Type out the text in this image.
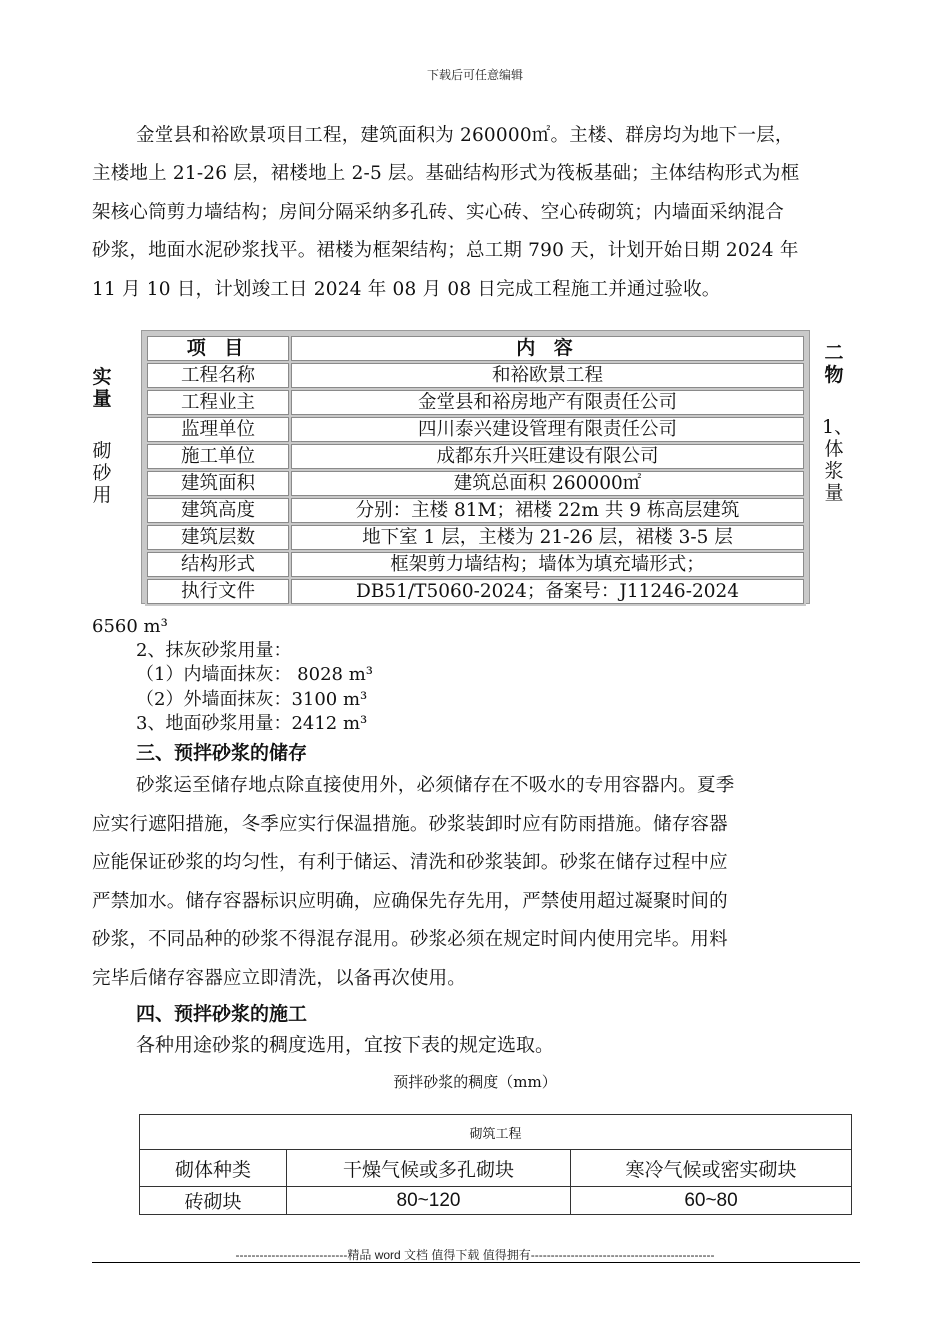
下载后可任意编辑
金堂县和裕欧景项目工程，建筑面积为 260000㎡。主楼、群房均为地下一层，
主楼地上 21-26 层，裙楼地上 2-5 层。基础结构形式为筏板基础；主体结构形式为框
架核心筒剪力墙结构；房间分隔采纳多孔砖、实心砖、空心砖砌筑；内墙面采纳混合
砂浆，地面水泥砂浆找平。裙楼为框架结构；总工期 790 天，计划开始日期 2024 年
11 月 10 日，计划竣工日 2024 年 08 月 08 日完成工程施工并通过验收。
实
量
砌
砂
用
二
物
1、
体
浆
量
项 目	内 容
工程名称	和裕欧景工程
工程业主	金堂县和裕房地产有限责任公司
监理单位	四川泰兴建设管理有限责任公司
施工单位	成都东升兴旺建设有限公司
建筑面积	建筑总面积 260000㎡
建筑高度	分别：主楼 81M；裙楼 22m 共 9 栋高层建筑
建筑层数	地下室 1 层，主楼为 21-26 层，裙楼 3-5 层
结构形式	框架剪力墙结构；墙体为填充墙形式；
执行文件	DB51/T5060-2024；备案号：J11246-2024
6560 m³
2、抹灰砂浆用量：
（1）内墙面抹灰： 8028 m³
（2）外墙面抹灰：3100 m³
3、地面砂浆用量：2412 m³
三、预拌砂浆的储存
砂浆运至储存地点除直接使用外，必须储存在不吸水的专用容器内。夏季
应实行遮阳措施，冬季应实行保温措施。砂浆装卸时应有防雨措施。储存容器
应能保证砂浆的均匀性，有利于储运、清洗和砂浆装卸。砂浆在储存过程中应
严禁加水。储存容器标识应明确，应确保先存先用，严禁使用超过凝聚时间的
砂浆，不同品种的砂浆不得混存混用。砂浆必须在规定时间内使用完毕。用料
完毕后储存容器应立即清洗，以备再次使用。
四、预拌砂浆的施工
各种用途砂浆的稠度选用，宜按下表的规定选取。
预拌砂浆的稠度（mm）
砌筑工程		
砌体种类	干燥气候或多孔砌块	寒冷气候或密实砌块
砖砌块	80~120	60~80
----------------------------精品 word 文档 值得下载 值得拥有----------------------------------------------
